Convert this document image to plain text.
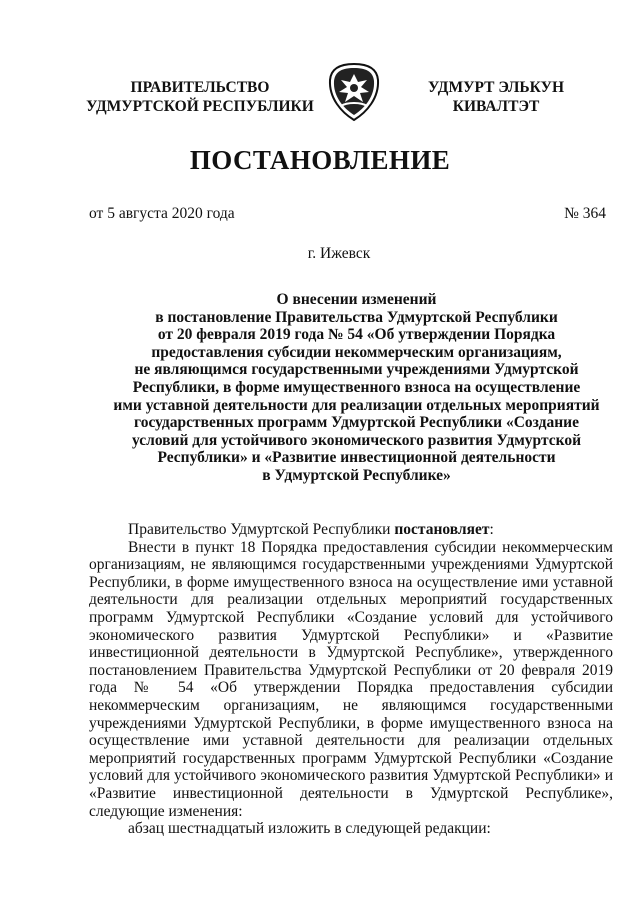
ПРАВИТЕЛЬСТВО
УДМУРТСКОЙ РЕСПУБЛИКИ
УДМУРТ ЭЛЬКУН
КИВАЛТЭТ
ПОСТАНОВЛЕНИЕ
от 5 августа 2020 года	№ 364
г. Ижевск
О внесении изменений
в постановление Правительства Удмуртской Республики
от 20 февраля 2019 года № 54 «Об утверждении Порядка
предоставления субсидии некоммерческим организациям,
не являющимся государственными учреждениями Удмуртской
Республики, в форме имущественного взноса на осуществление
ими уставной деятельности для реализации отдельных мероприятий
государственных программ Удмуртской Республики «Создание
условий для устойчивого экономического развития Удмуртской
Республики» и «Развитие инвестиционной деятельности
в Удмуртской Республике»
Правительство Удмуртской Республики постановляет:
Внести в пункт 18 Порядка предоставления субсидии некоммерческим организациям, не являющимся государственными учреждениями Удмуртской Республики, в форме имущественного взноса на осуществление ими уставной деятельности для реализации отдельных мероприятий государственных программ Удмуртской Республики «Создание условий для устойчивого экономического развития Удмуртской Республики» и «Развитие инвестиционной деятельности в Удмуртской Республике», утвержденного постановлением Правительства Удмуртской Республики от 20 февраля 2019 года № 54 «Об утверждении Порядка предоставления субсидии некоммерческим организациям, не являющимся государственными учреждениями Удмуртской Республики, в форме имущественного взноса на осуществление ими уставной деятельности для реализации отдельных мероприятий государственных программ Удмуртской Республики «Создание условий для устойчивого экономического развития Удмуртской Республики» и «Развитие инвестиционной деятельности в Удмуртской Республике», следующие изменения:
абзац шестнадцатый изложить в следующей редакции:
